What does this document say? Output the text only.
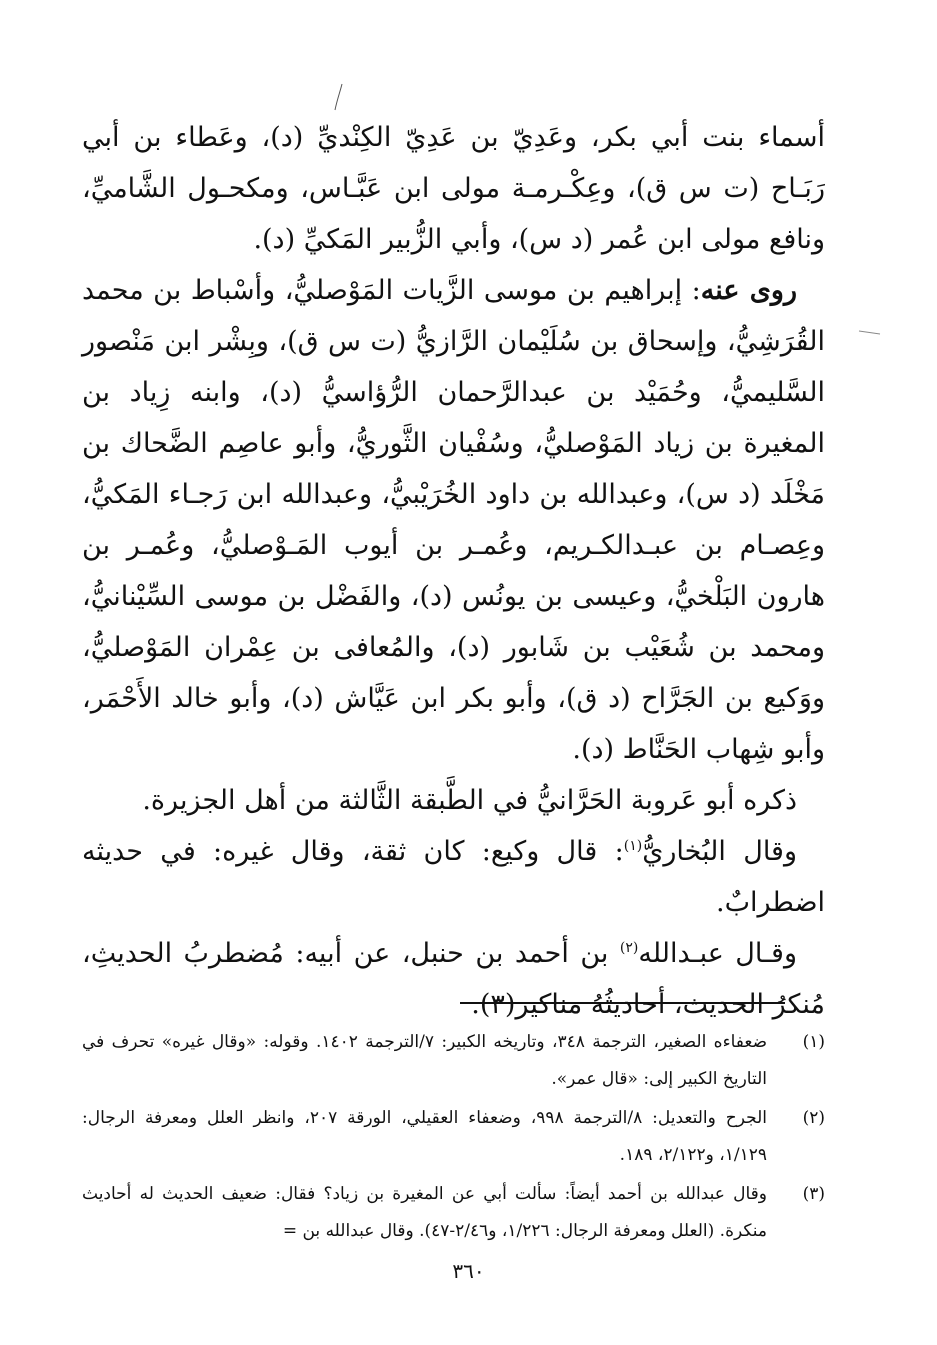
أسماء بنت أبي بكر، وعَدِيّ بن عَدِيّ الكِنْديِّ (د)، وعَطاء بن أبي رَبَـاح (ت س ق)، وعِكْـرمـة مولى ابن عَبَّـاس، ومكحـول الشَّاميِّ، ونافع مولى ابن عُمر (د س)، وأبي الزُّبير المَكيِّ (د).

روى عنه: إبراهيم بن موسى الزَّيات المَوْصليُّ، وأسْباط بن محمد القُرَشِيُّ، وإسحاق بن سُلَيْمان الرَّازيُّ (ت س ق)، وبِشْر ابن مَنْصور السَّليميُّ، وحُمَيْد بن عبدالرَّحمان الرُّؤاسيُّ (د)، وابنه زِياد بن المغيرة بن زياد المَوْصليُّ، وسُفْيان الثَّوريُّ، وأبو عاصِم الضَّحاك بن مَخْلَد (د س)، وعبدالله بن داود الخُرَيْبيُّ، وعبدالله ابن رَجـاء المَكيُّ، وعِصـام بن عبـدالكـريم، وعُمـر بن أيوب المَـوْصليُّ، وعُمـر بن هارون البَلْخيُّ، وعيسى بن يونُس (د)، والفَضْل بن موسى السِّيْنانيُّ، ومحمد بن شُعَيْب بن شَابور (د)، والمُعافى بن عِمْران المَوْصليُّ، ووَكيع بن الجَرَّاح (د ق)، وأبو بكر ابن عَيَّاش (د)، وأبو خالد الأَحْمَر، وأبو شِهاب الحَنَّاط (د).

ذكره أبو عَروبة الحَرَّانيُّ في الطَّبقة الثَّالثة من أهل الجزيرة.

وقال البُخاريُّ$^{(١)}$: قال وكيع: كان ثقة، وقال غيره: في حديثه اضطرابٌ.

وقـال عبـدالله$^{(٢)}$ بن أحمد بن حنبل، عن أبيه: مُضطربُ الحديثِ، مُنكرُ الحديث، أحاديثُهُ مناكير(٣).

(١)
ضعفاءه الصغير، الترجمة ٣٤٨، وتاريخه الكبير: ٧/الترجمة ١٤٠٢. وقوله: «وقال غيره» تحرف في التاريخ الكبير إلى: «قال عمر».

(٢)
الجرح والتعديل: ٨/الترجمة ٩٩٨، وضعفاء العقيلي، الورقة ٢٠٧، وانظر العلل ومعرفة الرجال: ١/١٢٩، و٢/١٢٢، ١٨٩.

(٣)
وقال عبدالله بن أحمد أيضاً: سألت أبي عن المغيرة بن زياد؟ فقال: ضعيف الحديث له أحاديث منكرة. (العلل ومعرفة الرجال: ١/٢٢٦، و٢/٤٦-٤٧). وقال عبدالله بن =

٣٦٠
